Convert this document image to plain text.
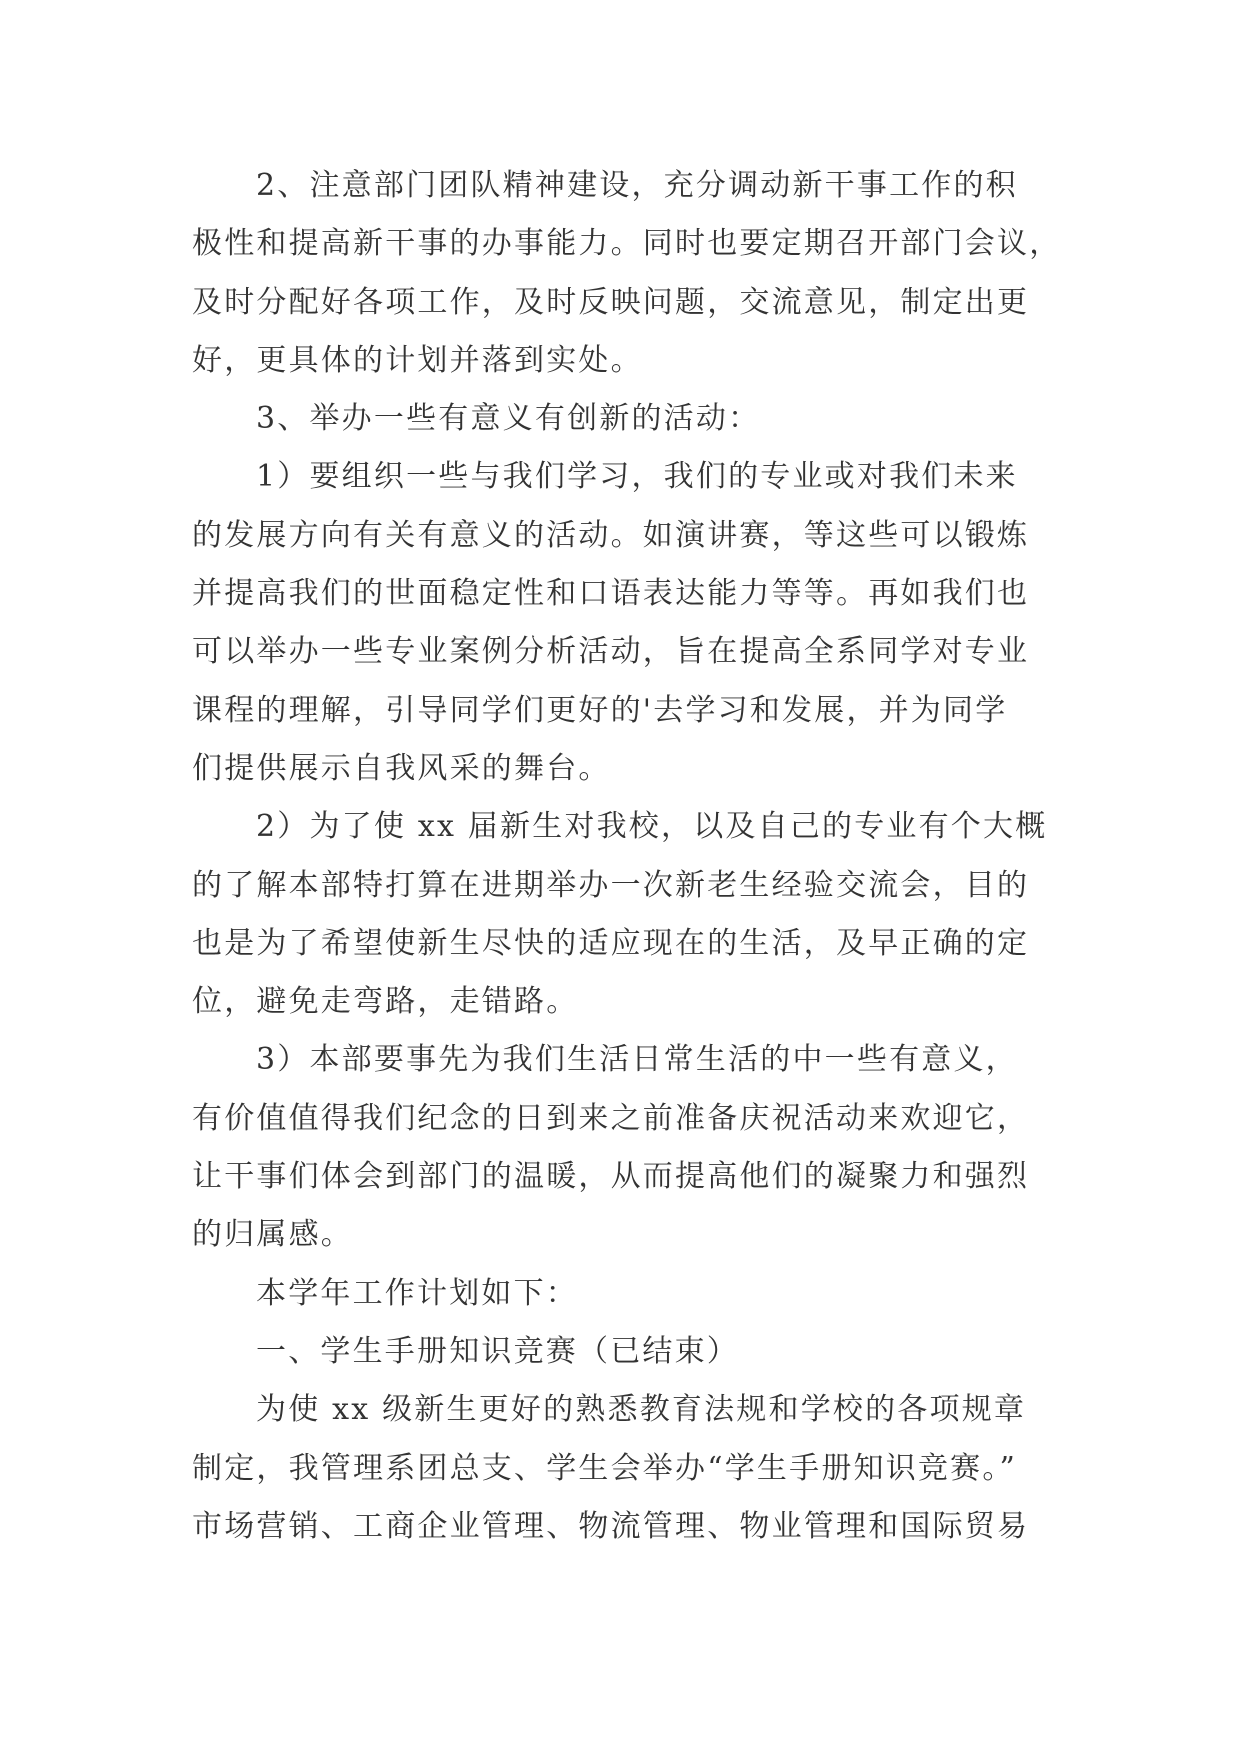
2、注意部门团队精神建设，充分调动新干事工作的积
极性和提高新干事的办事能力。同时也要定期召开部门会议，
及时分配好各项工作，及时反映问题，交流意见，制定出更
好，更具体的计划并落到实处。
3、举办一些有意义有创新的活动：
1）要组织一些与我们学习，我们的专业或对我们未来
的发展方向有关有意义的活动。如演讲赛，等这些可以锻炼
并提高我们的世面稳定性和口语表达能力等等。再如我们也
可以举办一些专业案例分析活动，旨在提高全系同学对专业
课程的理解，引导同学们更好的'去学习和发展，并为同学
们提供展示自我风采的舞台。
2）为了使 xx 届新生对我校，以及自己的专业有个大概
的了解本部特打算在进期举办一次新老生经验交流会，目的
也是为了希望使新生尽快的适应现在的生活，及早正确的定
位，避免走弯路，走错路。
3）本部要事先为我们生活日常生活的中一些有意义，
有价值值得我们纪念的日到来之前准备庆祝活动来欢迎它，
让干事们体会到部门的温暖，从而提高他们的凝聚力和强烈
的归属感。
本学年工作计划如下：
一、学生手册知识竞赛（已结束）
为使 xx 级新生更好的熟悉教育法规和学校的各项规章
制定，我管理系团总支、学生会举办“学生手册知识竞赛。”
市场营销、工商企业管理、物流管理、物业管理和国际贸易
